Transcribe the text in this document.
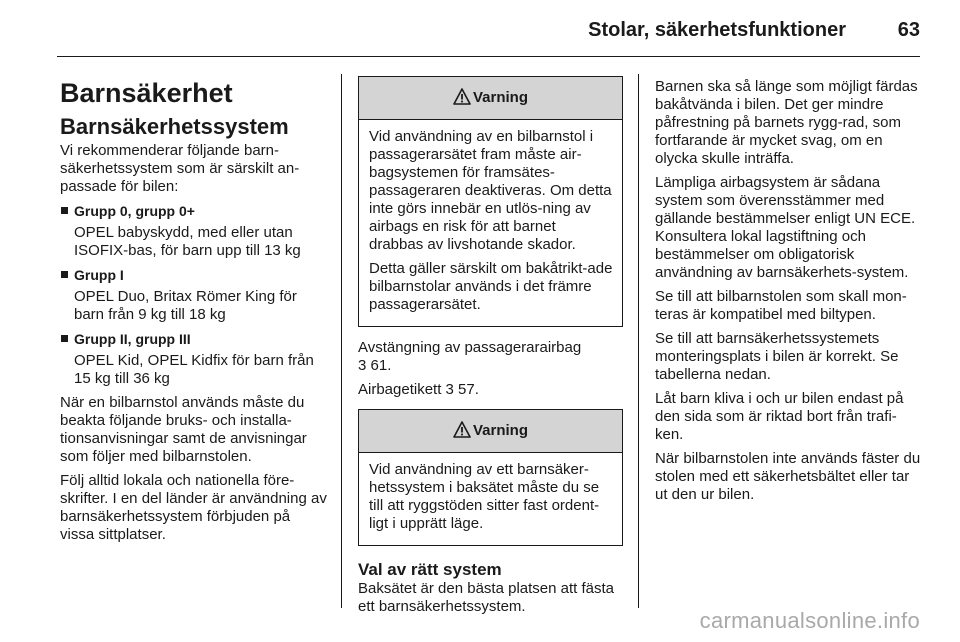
Stolar, säkerhetsfunktioner	63
Barnsäkerhet
Barnsäkerhetssystem

Vi rekommenderar följande barn-säkerhetssystem som är särskilt an-passade för bilen:

Grupp 0, grupp 0+
OPEL babyskydd, med eller utan ISOFIX-bas, för barn upp till 13 kg
Grupp I
OPEL Duo, Britax Römer King för barn från 9 kg till 18 kg
Grupp II, grupp III
OPEL Kid, OPEL Kidfix för barn från 15 kg till 36 kg

När en bilbarnstol används måste du beakta följande bruks- och installa-tionsanvisningar samt de anvisningar som följer med bilbarnstolen.

Följ alltid lokala och nationella före-skrifter. I en del länder är användning av barnsäkerhetssystem förbjuden på vissa sittplatser.

Varning

Vid användning av en bilbarnstol i passagerarsätet fram måste air-bagsystemen för framsätes-passageraren deaktiveras. Om detta inte görs innebär en utlös-ning av airbags en risk för att barnet drabbas av livshotande skador.

Detta gäller särskilt om bakåtrikt-ade bilbarnstolar används i det främre passagerarsätet.

Avstängning av passagerarairbag

3 61.

Airbagetikett 3 57.

Varning

Vid användning av ett barnsäker-hetssystem i baksätet måste du se till att ryggstöden sitter fast ordent-ligt i upprätt läge.

Val av rätt system

Baksätet är den bästa platsen att fästa ett barnsäkerhetssystem.

Barnen ska så länge som möjligt färdas bakåtvända i bilen. Det ger mindre påfrestning på barnets rygg-rad, som fortfarande är mycket svag, om en olycka skulle inträffa.

Lämpliga airbagsystem är sådana system som överensstämmer med gällande bestämmelser enligt UN ECE. Konsultera lokal lagstiftning och bestämmelser om obligatorisk användning av barnsäkerhets-system.

Se till att bilbarnstolen som skall mon-teras är kompatibel med biltypen.

Se till att barnsäkerhetssystemets monteringsplats i bilen är korrekt. Se tabellerna nedan.

Låt barn kliva i och ur bilen endast på den sida som är riktad bort från trafi-ken.

När bilbarnstolen inte används fäster du stolen med ett säkerhetsbältet eller tar ut den ur bilen.

carmanualsonline.info
